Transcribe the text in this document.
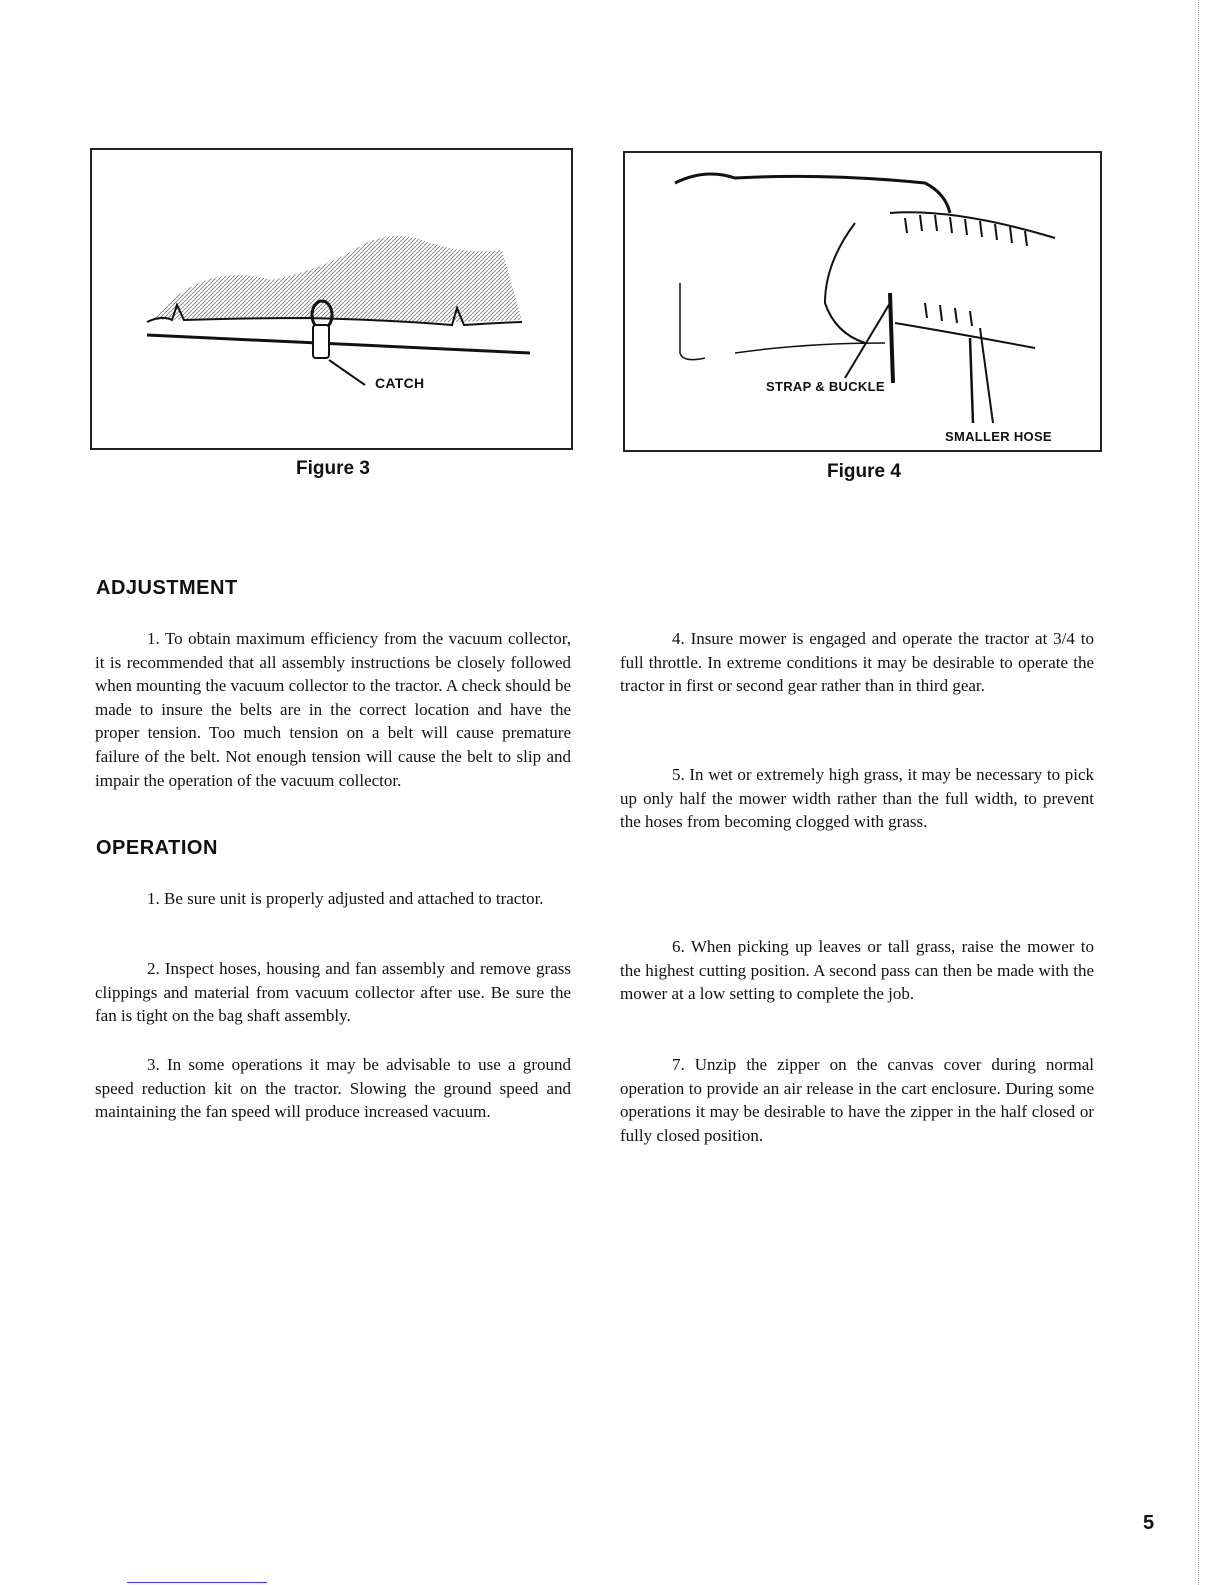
CATCH
Figure 3
STRAP & BUCKLE
SMALLER HOSE
Figure 4
ADJUSTMENT

1. To obtain maximum efficiency from the vacuum collector, it is recommended that all assembly instructions be closely followed when mounting the vacuum collector to the tractor. A check should be made to insure the belts are in the correct location and have the proper tension. Too much tension on a belt will cause premature failure of the belt. Not enough tension will cause the belt to slip and impair the operation of the vacuum collector.

OPERATION

1. Be sure unit is properly adjusted and attached to tractor.

2. Inspect hoses, housing and fan assembly and remove grass clippings and material from vacuum collector after use. Be sure the fan is tight on the bag shaft assembly.

3. In some operations it may be advisable to use a ground speed reduction kit on the tractor. Slowing the ground speed and maintaining the fan speed will produce increased vacuum.

4. Insure mower is engaged and operate the tractor at 3/4 to full throttle. In extreme conditions it may be desirable to operate the tractor in first or second gear rather than in third gear.

5. In wet or extremely high grass, it may be necessary to pick up only half the mower width rather than the full width, to prevent the hoses from becoming clogged with grass.

6. When picking up leaves or tall grass, raise the mower to the highest cutting position. A second pass can then be made with the mower at a low setting to complete the job.

7. Unzip the zipper on the canvas cover during normal operation to provide an air release in the cart enclosure. During some operations it may be desirable to have the zipper in the half closed or fully closed position.

5
